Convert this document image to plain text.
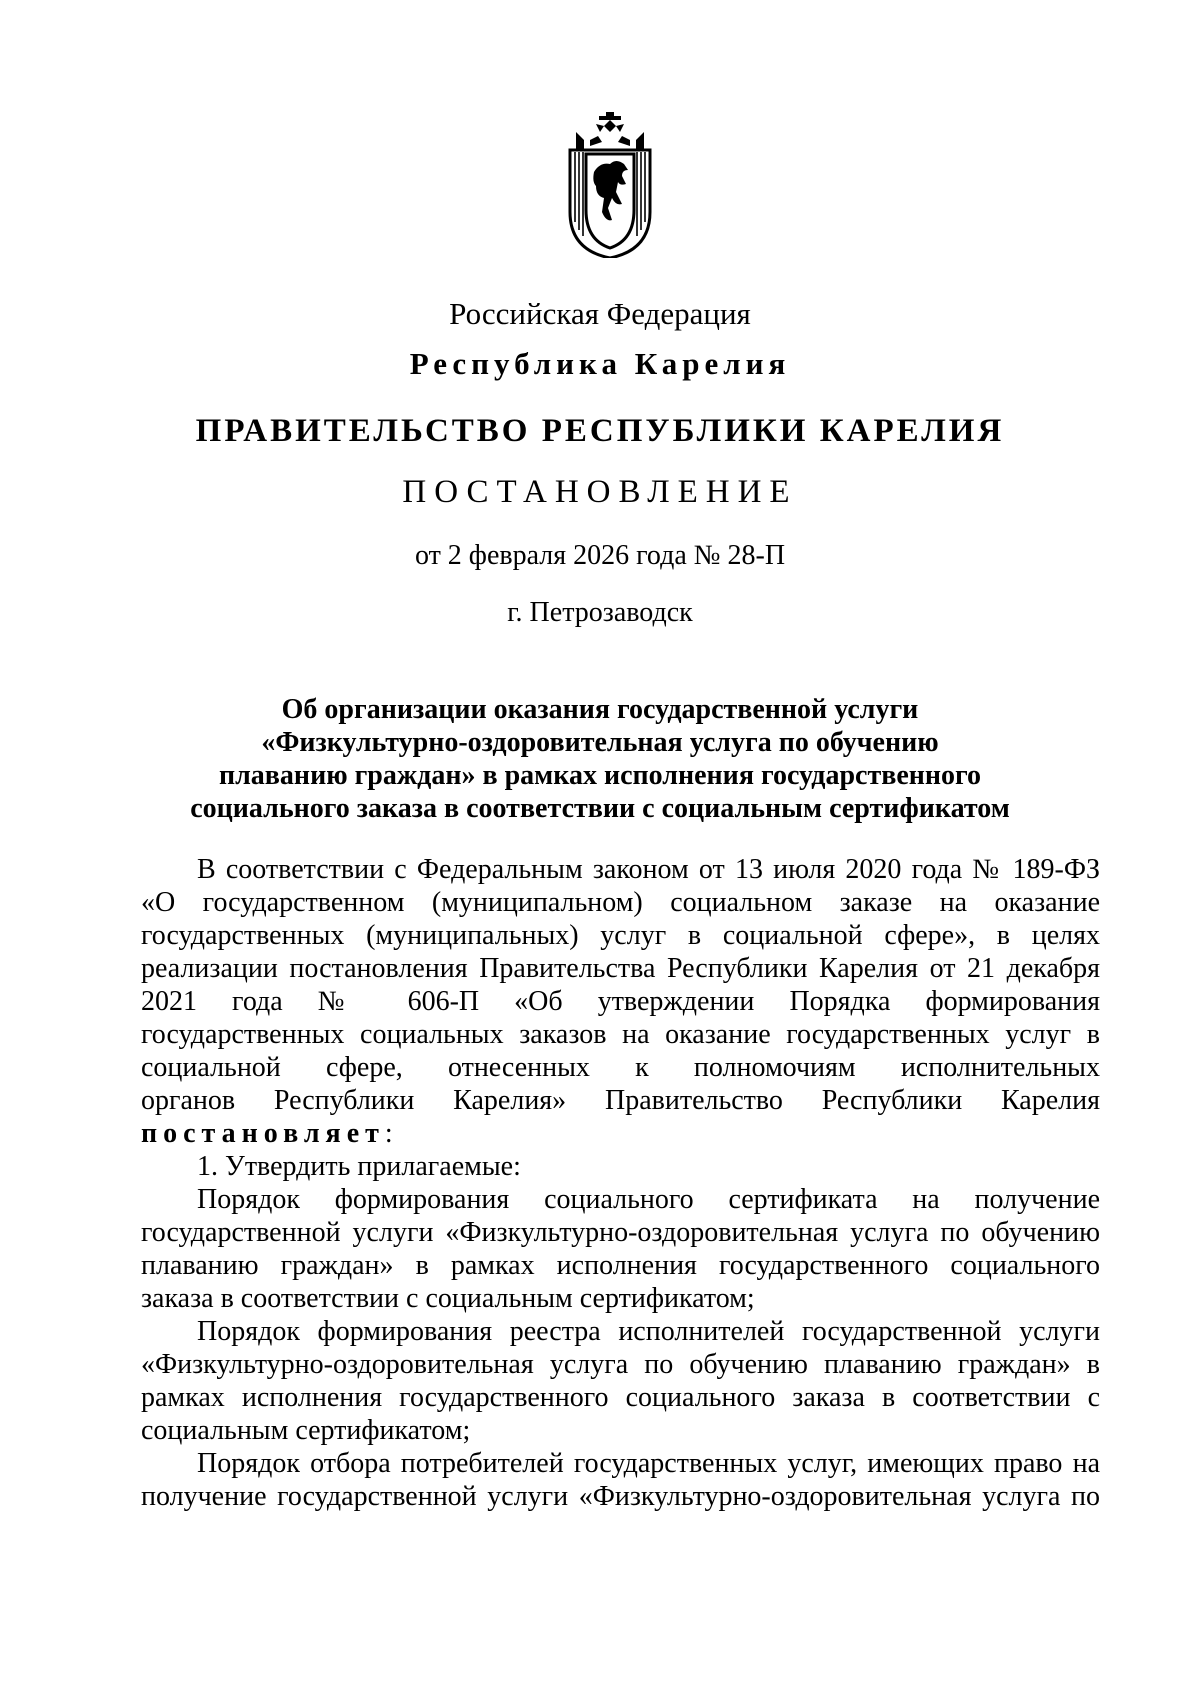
Российская Федерация
Республика Карелия
ПРАВИТЕЛЬСТВО РЕСПУБЛИКИ КАРЕЛИЯ
ПОСТАНОВЛЕНИЕ
от 2 февраля 2026 года № 28-П
г. Петрозаводск
Об организации оказания государственной услуги
«Физкультурно-оздоровительная услуга по обучению
плаванию граждан» в рамках исполнения государственного
социального заказа в соответствии с социальным сертификатом
В соответствии с Федеральным законом от 13 июля 2020 года № 189-ФЗ
«О государственном (муниципальном) социальном заказе на оказание
государственных (муниципальных) услуг в социальной сфере», в целях
реализации постановления Правительства Республики Карелия от 21 декабря
2021 года № 606-П «Об утверждении Порядка формирования
государственных социальных заказов на оказание государственных услуг в
социальной сфере, отнесенных к полномочиям исполнительных
органов Республики Карелия» Правительство Республики Карелия
постановляет:
1. Утвердить прилагаемые:
Порядок формирования социального сертификата на получение
государственной услуги «Физкультурно-оздоровительная услуга по обучению
плаванию граждан» в рамках исполнения государственного социального
заказа в соответствии с социальным сертификатом;
Порядок формирования реестра исполнителей государственной услуги
«Физкультурно-оздоровительная услуга по обучению плаванию граждан» в
рамках исполнения государственного социального заказа в соответствии с
социальным сертификатом;
Порядок отбора потребителей государственных услуг, имеющих право на
получение государственной услуги «Физкультурно-оздоровительная услуга по
